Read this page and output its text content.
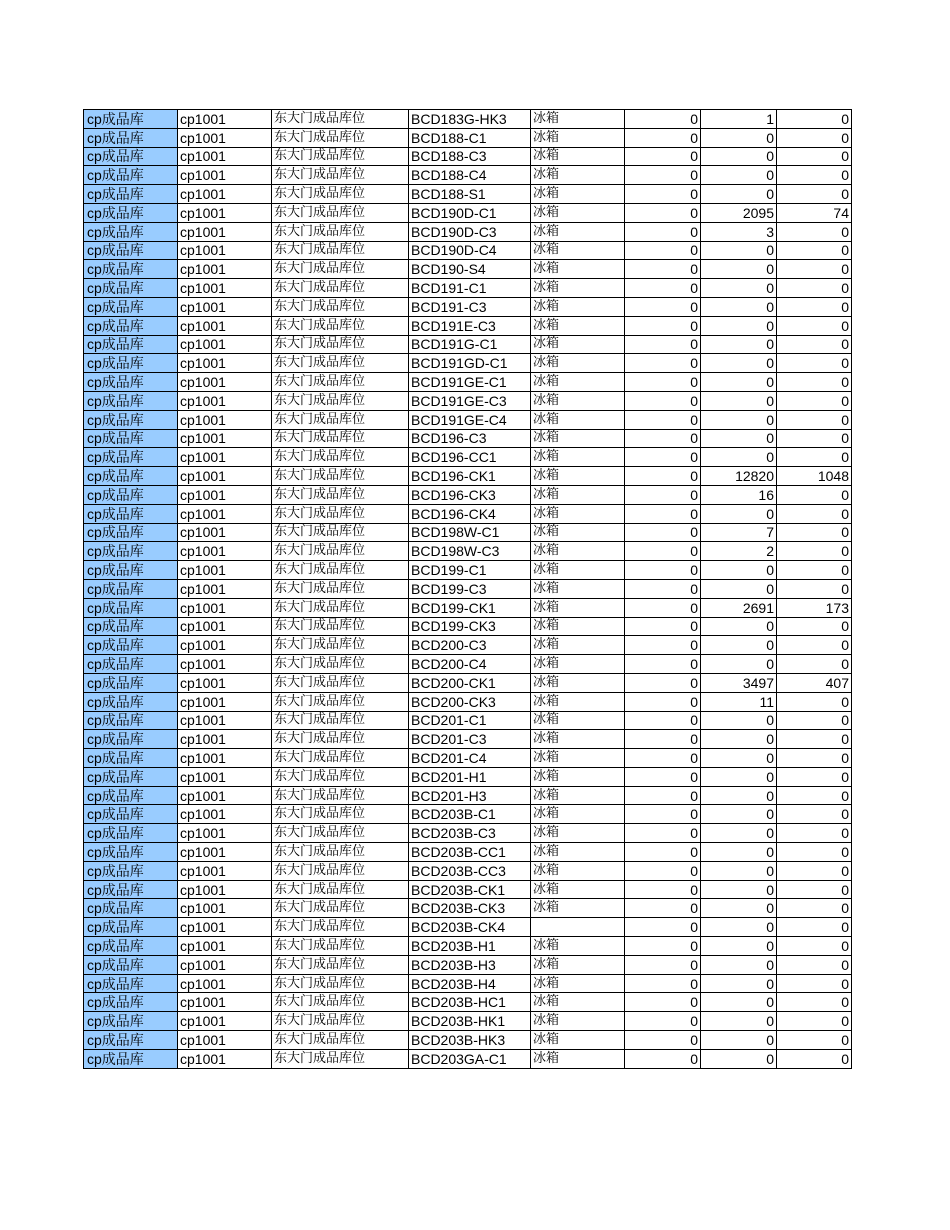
cp成品库	cp1001	东大门成品库位	BCD183G-HK3	冰箱	0	1	0
cp成品库	cp1001	东大门成品库位	BCD188-C1	冰箱	0	0	0
cp成品库	cp1001	东大门成品库位	BCD188-C3	冰箱	0	0	0
cp成品库	cp1001	东大门成品库位	BCD188-C4	冰箱	0	0	0
cp成品库	cp1001	东大门成品库位	BCD188-S1	冰箱	0	0	0
cp成品库	cp1001	东大门成品库位	BCD190D-C1	冰箱	0	2095	74
cp成品库	cp1001	东大门成品库位	BCD190D-C3	冰箱	0	3	0
cp成品库	cp1001	东大门成品库位	BCD190D-C4	冰箱	0	0	0
cp成品库	cp1001	东大门成品库位	BCD190-S4	冰箱	0	0	0
cp成品库	cp1001	东大门成品库位	BCD191-C1	冰箱	0	0	0
cp成品库	cp1001	东大门成品库位	BCD191-C3	冰箱	0	0	0
cp成品库	cp1001	东大门成品库位	BCD191E-C3	冰箱	0	0	0
cp成品库	cp1001	东大门成品库位	BCD191G-C1	冰箱	0	0	0
cp成品库	cp1001	东大门成品库位	BCD191GD-C1	冰箱	0	0	0
cp成品库	cp1001	东大门成品库位	BCD191GE-C1	冰箱	0	0	0
cp成品库	cp1001	东大门成品库位	BCD191GE-C3	冰箱	0	0	0
cp成品库	cp1001	东大门成品库位	BCD191GE-C4	冰箱	0	0	0
cp成品库	cp1001	东大门成品库位	BCD196-C3	冰箱	0	0	0
cp成品库	cp1001	东大门成品库位	BCD196-CC1	冰箱	0	0	0
cp成品库	cp1001	东大门成品库位	BCD196-CK1	冰箱	0	12820	1048
cp成品库	cp1001	东大门成品库位	BCD196-CK3	冰箱	0	16	0
cp成品库	cp1001	东大门成品库位	BCD196-CK4	冰箱	0	0	0
cp成品库	cp1001	东大门成品库位	BCD198W-C1	冰箱	0	7	0
cp成品库	cp1001	东大门成品库位	BCD198W-C3	冰箱	0	2	0
cp成品库	cp1001	东大门成品库位	BCD199-C1	冰箱	0	0	0
cp成品库	cp1001	东大门成品库位	BCD199-C3	冰箱	0	0	0
cp成品库	cp1001	东大门成品库位	BCD199-CK1	冰箱	0	2691	173
cp成品库	cp1001	东大门成品库位	BCD199-CK3	冰箱	0	0	0
cp成品库	cp1001	东大门成品库位	BCD200-C3	冰箱	0	0	0
cp成品库	cp1001	东大门成品库位	BCD200-C4	冰箱	0	0	0
cp成品库	cp1001	东大门成品库位	BCD200-CK1	冰箱	0	3497	407
cp成品库	cp1001	东大门成品库位	BCD200-CK3	冰箱	0	11	0
cp成品库	cp1001	东大门成品库位	BCD201-C1	冰箱	0	0	0
cp成品库	cp1001	东大门成品库位	BCD201-C3	冰箱	0	0	0
cp成品库	cp1001	东大门成品库位	BCD201-C4	冰箱	0	0	0
cp成品库	cp1001	东大门成品库位	BCD201-H1	冰箱	0	0	0
cp成品库	cp1001	东大门成品库位	BCD201-H3	冰箱	0	0	0
cp成品库	cp1001	东大门成品库位	BCD203B-C1	冰箱	0	0	0
cp成品库	cp1001	东大门成品库位	BCD203B-C3	冰箱	0	0	0
cp成品库	cp1001	东大门成品库位	BCD203B-CC1	冰箱	0	0	0
cp成品库	cp1001	东大门成品库位	BCD203B-CC3	冰箱	0	0	0
cp成品库	cp1001	东大门成品库位	BCD203B-CK1	冰箱	0	0	0
cp成品库	cp1001	东大门成品库位	BCD203B-CK3	冰箱	0	0	0
cp成品库	cp1001	东大门成品库位	BCD203B-CK4		0	0	0
cp成品库	cp1001	东大门成品库位	BCD203B-H1	冰箱	0	0	0
cp成品库	cp1001	东大门成品库位	BCD203B-H3	冰箱	0	0	0
cp成品库	cp1001	东大门成品库位	BCD203B-H4	冰箱	0	0	0
cp成品库	cp1001	东大门成品库位	BCD203B-HC1	冰箱	0	0	0
cp成品库	cp1001	东大门成品库位	BCD203B-HK1	冰箱	0	0	0
cp成品库	cp1001	东大门成品库位	BCD203B-HK3	冰箱	0	0	0
cp成品库	cp1001	东大门成品库位	BCD203GA-C1	冰箱	0	0	0
